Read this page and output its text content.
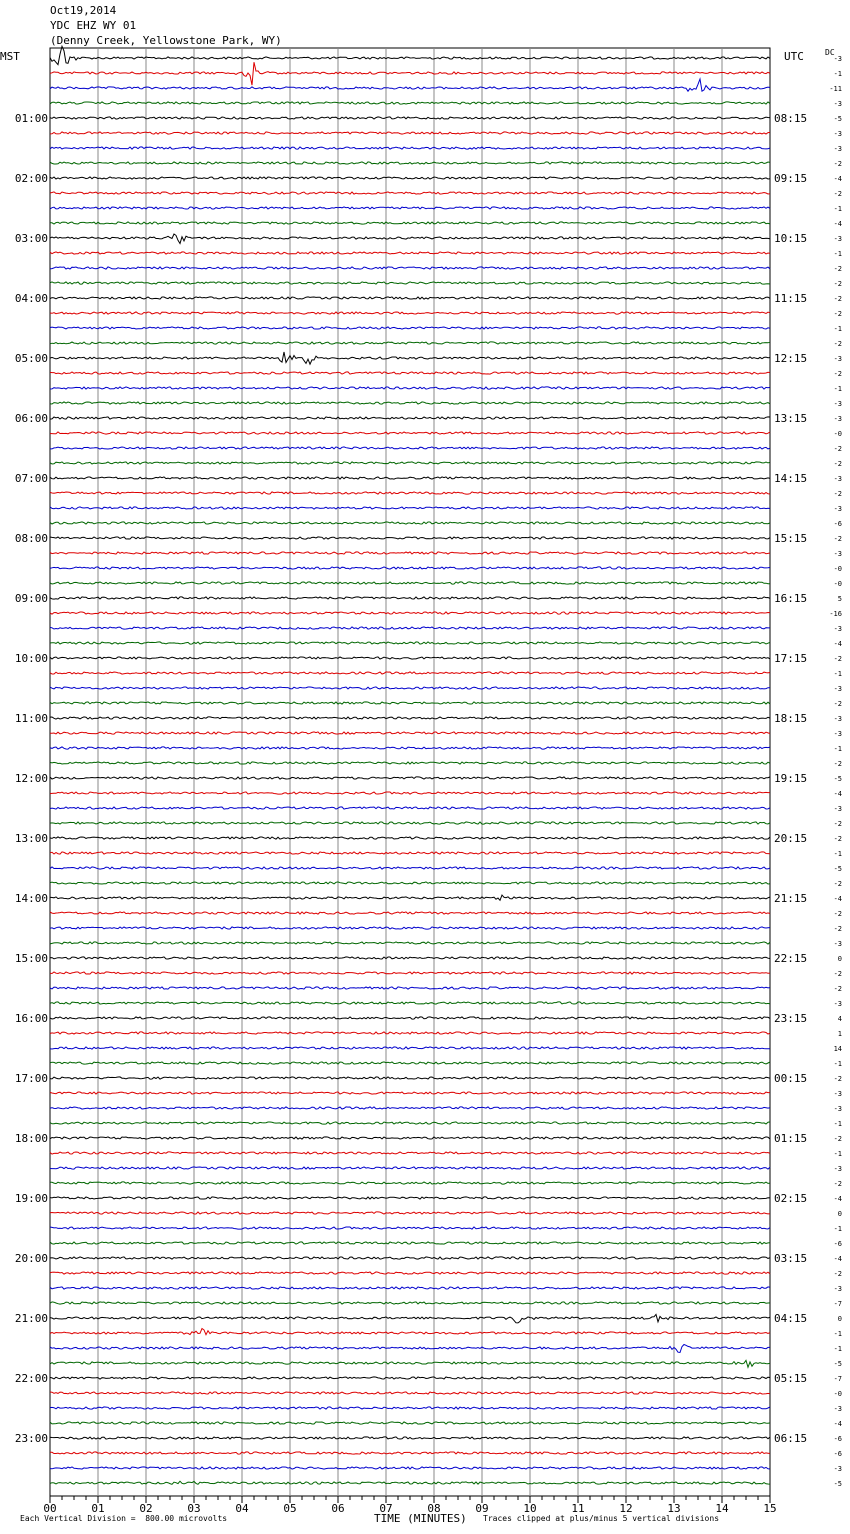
Oct19,2014
YDC EHZ WY 01
(Denny Creek, Yellowstone Park, WY)
MST	UTC	DC
-3
-1
-11
-3
-5
-3
-3
-2
-4
-2
-1
-4
-3
-1
-2
-2
-2
-2
-1
-2
-3
-2
-1
-3
-3
-0
-2
-2
-3
-2
-3
-6
-2
-3
-0
-0
5
-16
-3
-4
-2
-1
-3
-2
-3
-3
-1
-2
-5
-4
-3
-2
-2
-1
-5
-2
-4
-2
-2
-3
0
-2
-2
-3
4
1
14
-1
-2
-3
-3
-1
-2
-1
-3
-2
-4
0
-1
-6
-4
-2
-3
-7
0
-1
-1
-5
-7
-0
-3
-4
-6
-6
-3
-5
01:00	08:15
02:00	09:15
03:00	10:15
04:00	11:15
05:00	12:15
06:00	13:15
07:00	14:15
08:00	15:15
09:00	16:15
10:00	17:15
11:00	18:15
12:00	19:15
13:00	20:15
14:00	21:15
15:00	22:15
16:00	23:15
17:00	00:15
18:00	01:15
19:00	02:15
20:00	03:15
21:00	04:15
22:00	05:15
23:00	06:15
00	01	02	03	04	05	06	07	08	09	10	11	12	13	14	15
Each Vertical Division =  800.00 microvolts	TIME (MINUTES) Traces clipped at plus/minus 5 vertical divisions
